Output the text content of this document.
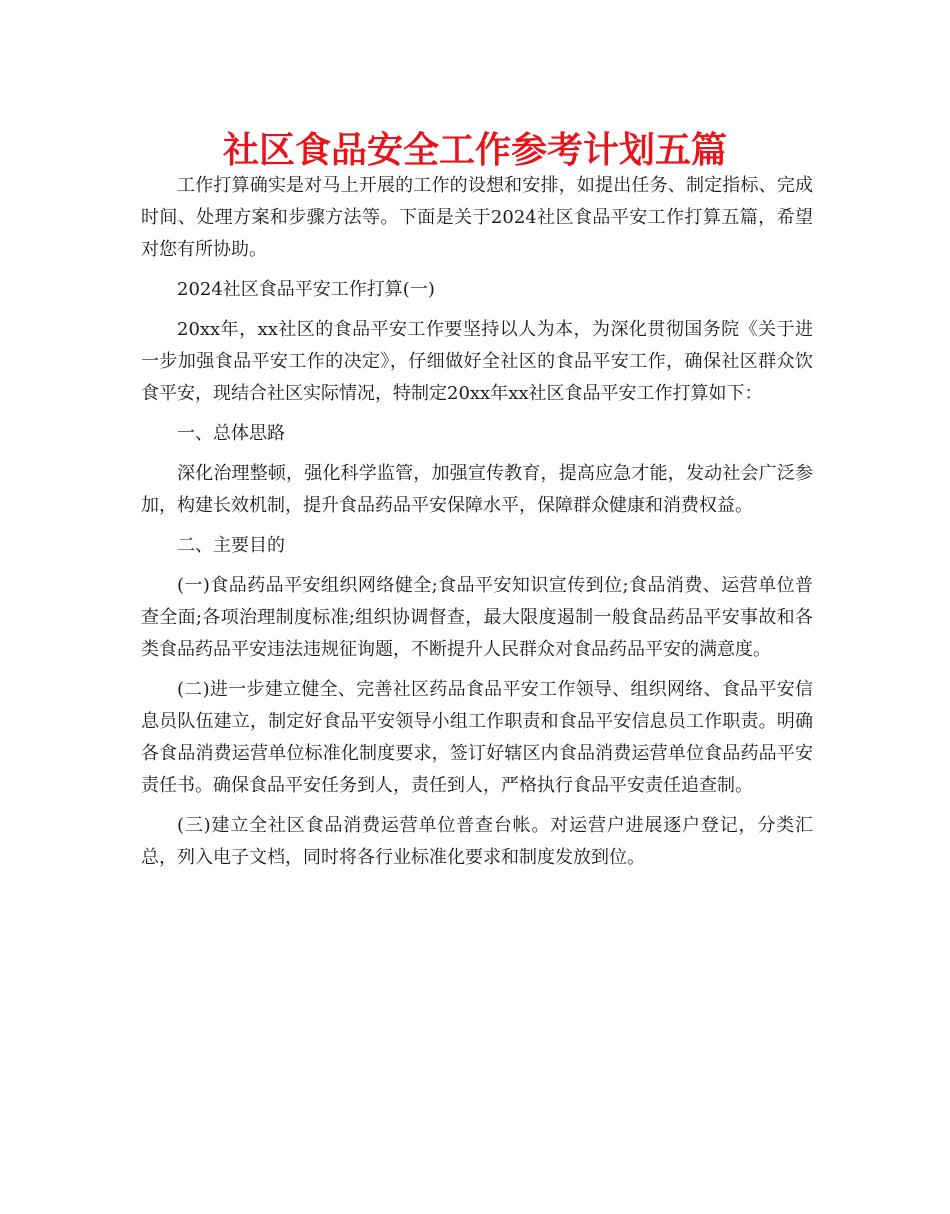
社区食品安全工作参考计划五篇

工作打算确实是对马上开展的工作的设想和安排，如提出任务、制定指标、完成时间、处理方案和步骤方法等。下面是关于2024社区食品平安工作打算五篇，希望对您有所协助。

2024社区食品平安工作打算(一)

20xx年，xx社区的食品平安工作要坚持以人为本，为深化贯彻国务院《关于进一步加强食品平安工作的决定》，仔细做好全社区的食品平安工作，确保社区群众饮食平安，现结合社区实际情况，特制定20xx年xx社区食品平安工作打算如下：

一、总体思路

深化治理整顿，强化科学监管，加强宣传教育，提高应急才能，发动社会广泛参加，构建长效机制，提升食品药品平安保障水平，保障群众健康和消费权益。

二、主要目的

(一)食品药品平安组织网络健全;食品平安知识宣传到位;食品消费、运营单位普查全面;各项治理制度标准;组织协调督查，最大限度遏制一般食品药品平安事故和各类食品药品平安违法违规征询题，不断提升人民群众对食品药品平安的满意度。

(二)进一步建立健全、完善社区药品食品平安工作领导、组织网络、食品平安信息员队伍建立，制定好食品平安领导小组工作职责和食品平安信息员工作职责。明确各食品消费运营单位标准化制度要求，签订好辖区内食品消费运营单位食品药品平安责任书。确保食品平安任务到人，责任到人，严格执行食品平安责任追查制。

(三)建立全社区食品消费运营单位普查台帐。对运营户进展逐户登记，分类汇总，列入电子文档，同时将各行业标准化要求和制度发放到位。
